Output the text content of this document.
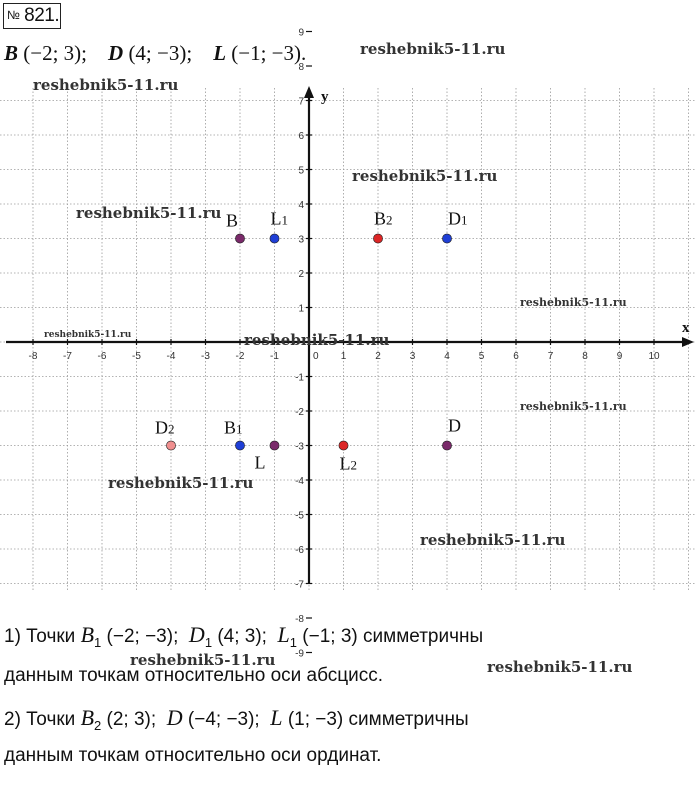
№ 821.
B (−2; 3); D (4; −3); L (−1; −3).
x
y
-8	-7	-6	-5	-4	-3	-2	-1	1	2	3	4	5	6	7	8	9	10
-9
-8
-7
-6
-5
-4
-3
-2
-1
1
2
3
4
5
6
7
8
9
0
B L1	B2	D1
D2	B1
L	L2
D
1) Точки $B_1$ (−2; −3); $D_1$ (4; 3); $L_1$ (−1; 3) симметричны
данным точкам относительно оси абсцисс.
2) Точки $B_2$ (2; 3); D (−4; −3); L (1; −3) симметричны
данным точкам относительно оси ординат.
reshebnik5-11.ru
reshebnik5-11.ru
reshebnik5-11.ru
reshebnik5-11.ru
reshebnik5-11.ru
reshebnik5-11.ru	reshebnik5-11.ru
reshebnik5-11.ru
reshebnik5-11.ru
reshebnik5-11.ru
reshebnik5-11.ru	reshebnik5-11.ru
